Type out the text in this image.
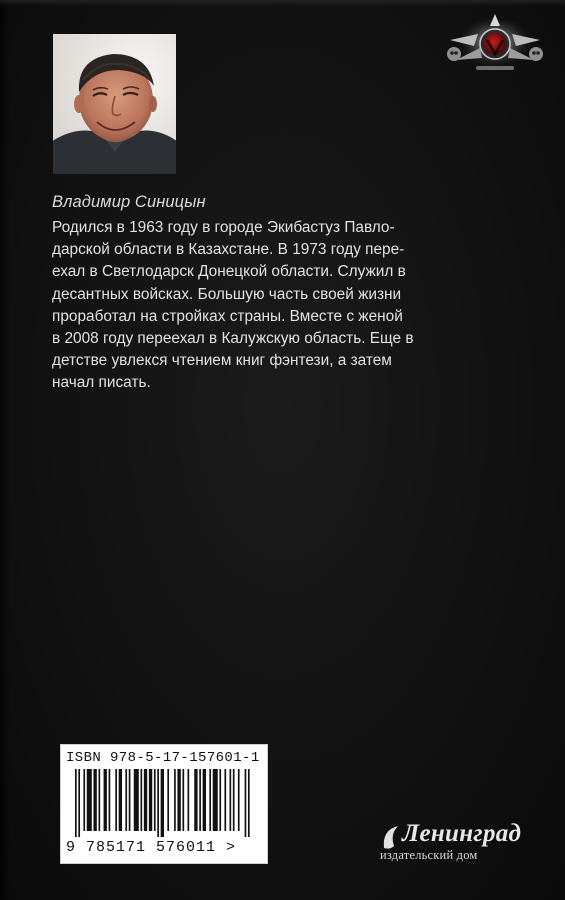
Владимир Синицын
Родился в 1963 году в городе Экибастуз Павло-
дарской области в Казахстане. В 1973 году пере-
ехал в Светлодарск Донецкой области. Служил в
десантных войсках. Большую часть своей жизни
проработал на стройках страны. Вместе с женой
в 2008 году переехал в Калужскую область. Еще в
детстве увлекся чтением книг фэнтези, а затем
начал писать.
ISBN 978-5-17-157601-1
9 785171 576011 >
Ленинград
издательский дом
